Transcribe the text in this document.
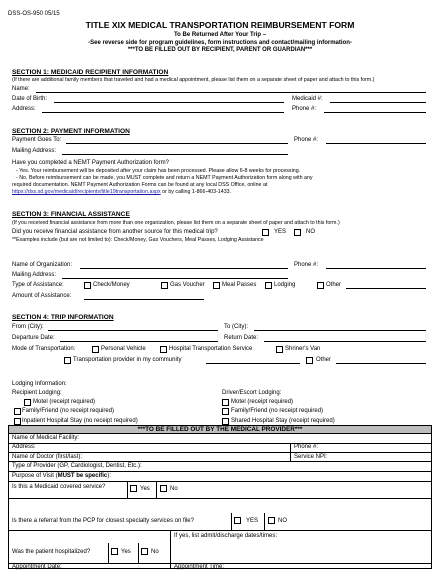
DSS-OS-950 05/15
TITLE XIX MEDICAL TRANSPORTATION REIMBURSEMENT FORM
To Be Returned After Your Trip –
-See reverse side for program guidelines, form instructions and contact/mailing information-
***TO BE FILLED OUT BY RECIPIENT, PARENT OR GUARDIAN***
SECTION 1: MEDICAID RECIPIENT INFORMATION
(If there are additional family members that traveled and had a medical appointment, please list them on a separate sheet of paper and attach to this form.)
Name:
Date of Birth:	Medicaid #:
Address:	Phone #:
SECTION 2: PAYMENT INFORMATION
Payment Goes To:	Phone #:
Mailing Address:
Have you completed a NEMT Payment Authorization form?
- Yes. Your reimbursement will be deposited after your claim has been processed. Please allow 6-8 weeks for processing.
- No. Before reimbursement can be made, you MUST complete and return a NEMT Payment Authorization form along with any
required documentation. NEMT Payment Authorization Forms can be found at any local DSS Office, online at
https://dss.sd.gov/medicaid/recipients/title19transportation.aspx or by calling 1-866-403-1433.
SECTION 3: FINANCIAL ASSISTANCE
(If you received financial assistance from more than one organization, please list them on a separate sheet of paper and attach to this form.)
Did you receive financial assistance from another source for this medical trip?	YES	NO
**Examples include (but are not limited to): Check/Money, Gas Vouchers, Meal Passes, Lodging Assistance
Name of Organization:	Phone #:
Mailing Address:
Type of Assistance:	Check/Money	Gas Voucher	Meal Passes	Lodging	Other
Amount of Assistance:
SECTION 4: TRIP INFORMATION
From (City):	To (City):
Departure Date:	Return Date:
Mode of Transportation:	Personal Vehicle	Hospital Transportation Service	Shriner's Van
Transportation provider in my community	Other
Lodging Information:
Recipient Lodging:	Driver/Escort Lodging:
Motel (receipt required)	Motel (receipt required)
Family/Friend (no receipt required)	Family/Friend (no receipt required)
Inpatient Hospital Stay (no receipt required)	Shared Hospital Stay (receipt required)
***TO BE FILLED OUT BY THE MEDICAL PROVIDER***
Name of Medical Facility:
Address:	Phone #:
Name of Doctor (first/last):	Service NPI:
Type of Provider (GP, Cardiologist, Dentist, Etc.):
Purpose of Visit (MUST be specific):
Is this a Medicaid covered service?	Yes	No
Is there a referral from the PCP for closest specialty services on file?	YES	NO
If yes, list admit/discharge dates/times:
Was the patient hospitalized?	Yes	No
Appointment Date:	Appointment Time:
